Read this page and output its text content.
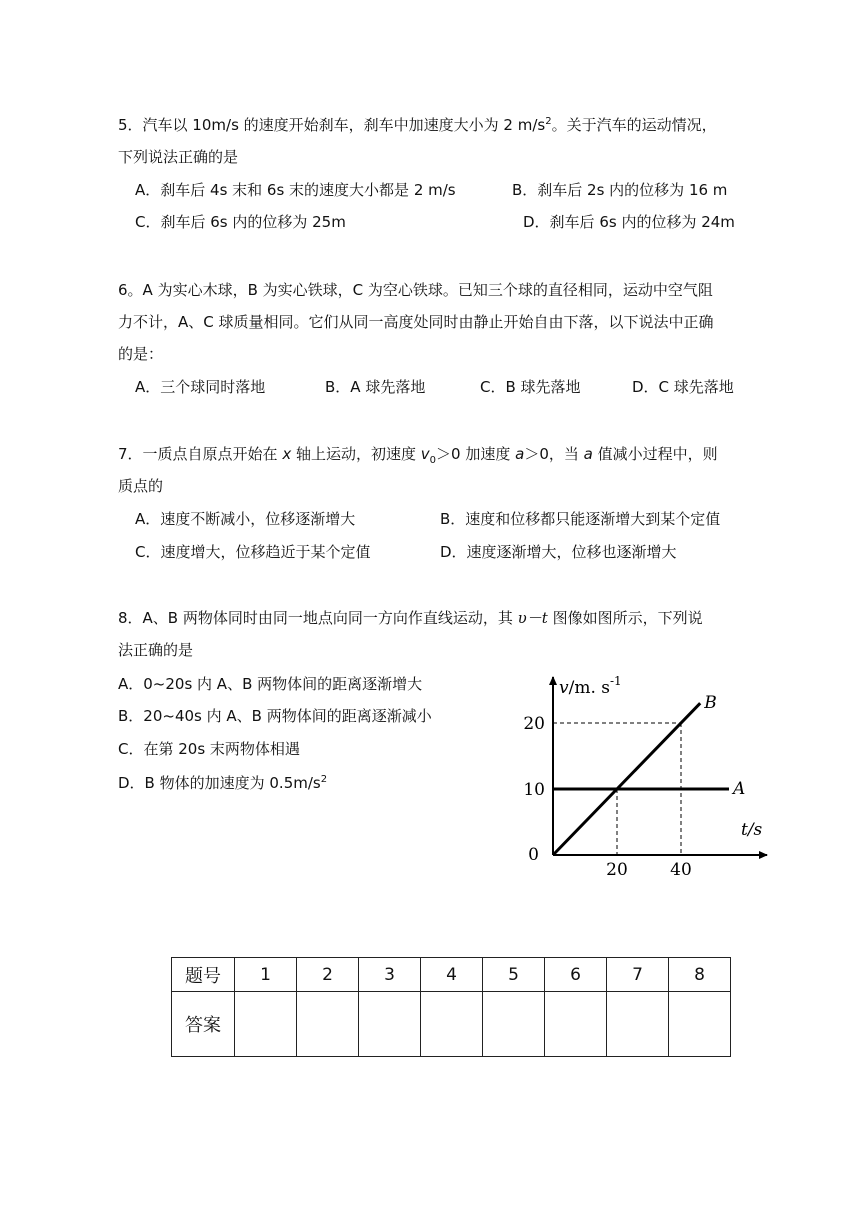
5．汽车以 10m/s 的速度开始刹车，刹车中加速度大小为 2 $m/s^2$。关于汽车的运动情况，
下列说法正确的是
A．刹车后 4s 末和 6s 末的速度大小都是 2 m/s	B．刹车后 2s 内的位移为 16 m
C．刹车后 6s 内的位移为 25m	D．刹车后 6s 内的位移为 24m
6。A 为实心木球，B 为实心铁球，C 为空心铁球。已知三个球的直径相同，运动中空气阻
力不计，A、C 球质量相同。它们从同一高度处同时由静止开始自由下落，以下说法中正确
的是：
A．三个球同时落地	B．A 球先落地	C．B 球先落地	D．C 球先落地
7．一质点自原点开始在 x 轴上运动，初速度 $v_0>0$ 加速度 a＞0，当 a 值减小过程中，则
质点的
A．速度不断减小，位移逐渐增大	B．速度和位移都只能逐渐增大到某个定值
C．速度增大，位移趋近于某个定值	D．速度逐渐增大，位移也逐渐增大
8．A、B 两物体同时由同一地点向同一方向作直线运动，其 υ－t 图像如图所示，下列说
法正确的是
A．0~20s 内 A、B 两物体间的距离逐渐增大
B．20~40s 内 A、B 两物体间的距离逐渐减小
C．在第 20s 末两物体相遇
D．B 物体的加速度为 $0.5m/s^2$	A
B
10
20
20 40
0
v/m. $s^{-1}$
t/s
题号	1	2	3	4	5	6	7	8
答案								
